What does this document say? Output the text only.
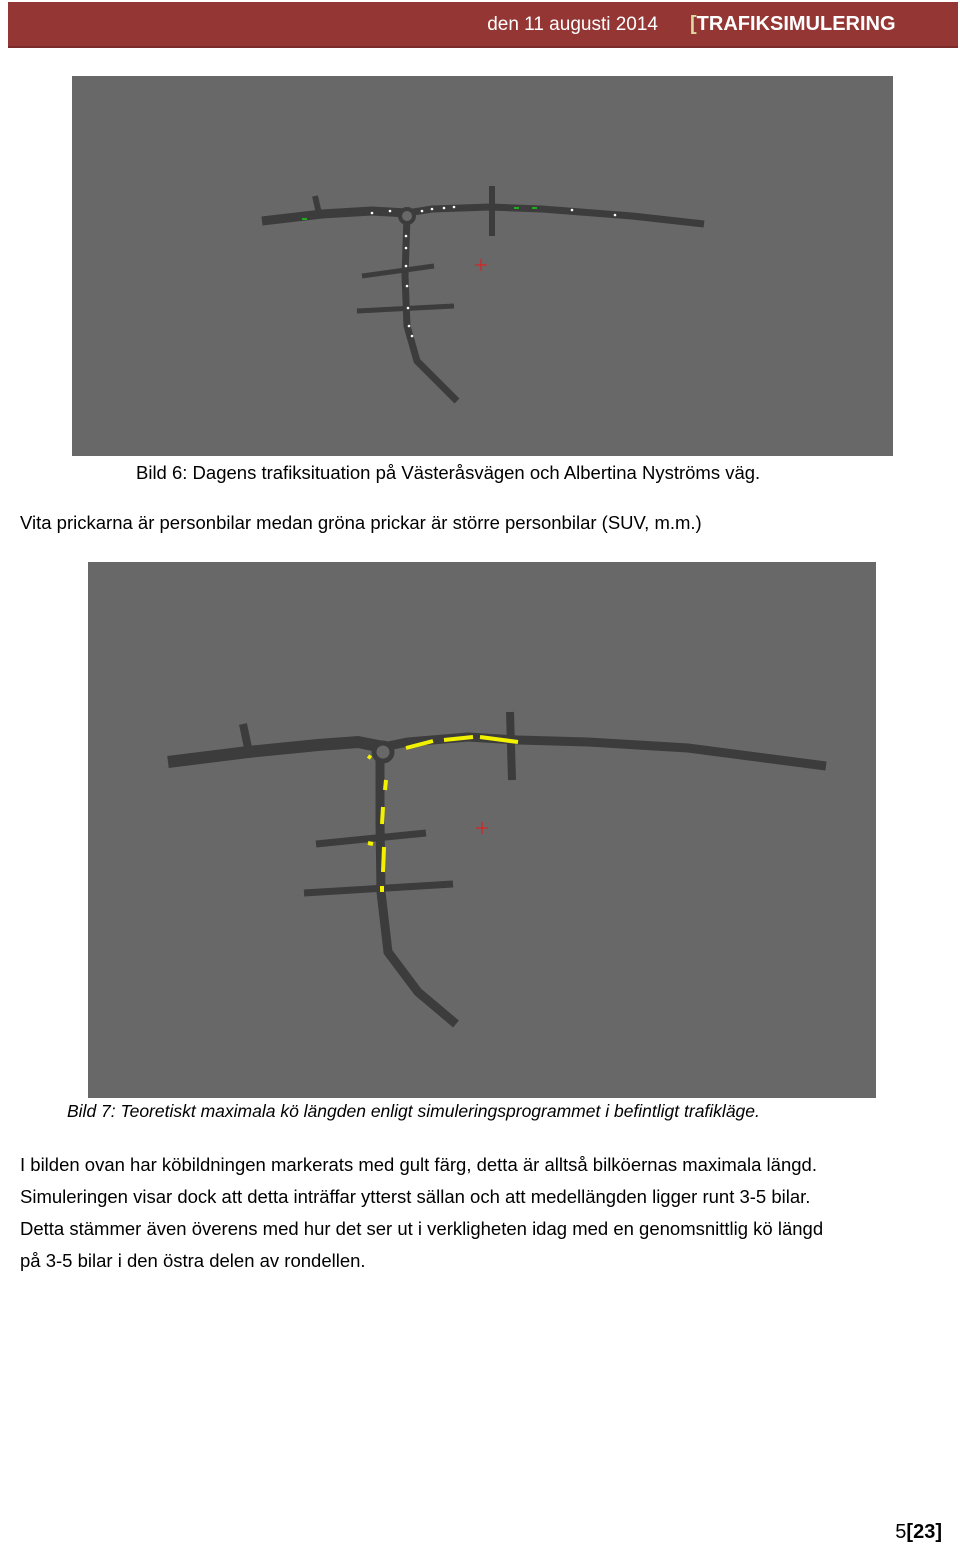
den 11 augusti 2014 [TRAFIKSIMULERING
Bild 6: Dagens trafiksituation på Västeråsvägen och Albertina Nyströms väg.
Vita prickarna är personbilar medan gröna prickar är större personbilar (SUV, m.m.)
Bild 7: Teoretiskt maximala kö längden enligt simuleringsprogrammet i befintligt trafikläge.

I bilden ovan har köbildningen markerats med gult färg, detta är alltså bilköernas maximala längd.

Simuleringen visar dock att detta inträffar ytterst sällan och att medellängden ligger runt 3-5 bilar.

Detta stämmer även överens med hur det ser ut i verkligheten idag med en genomsnittlig kö längd

på 3-5 bilar i den östra delen av rondellen.

5[23]
